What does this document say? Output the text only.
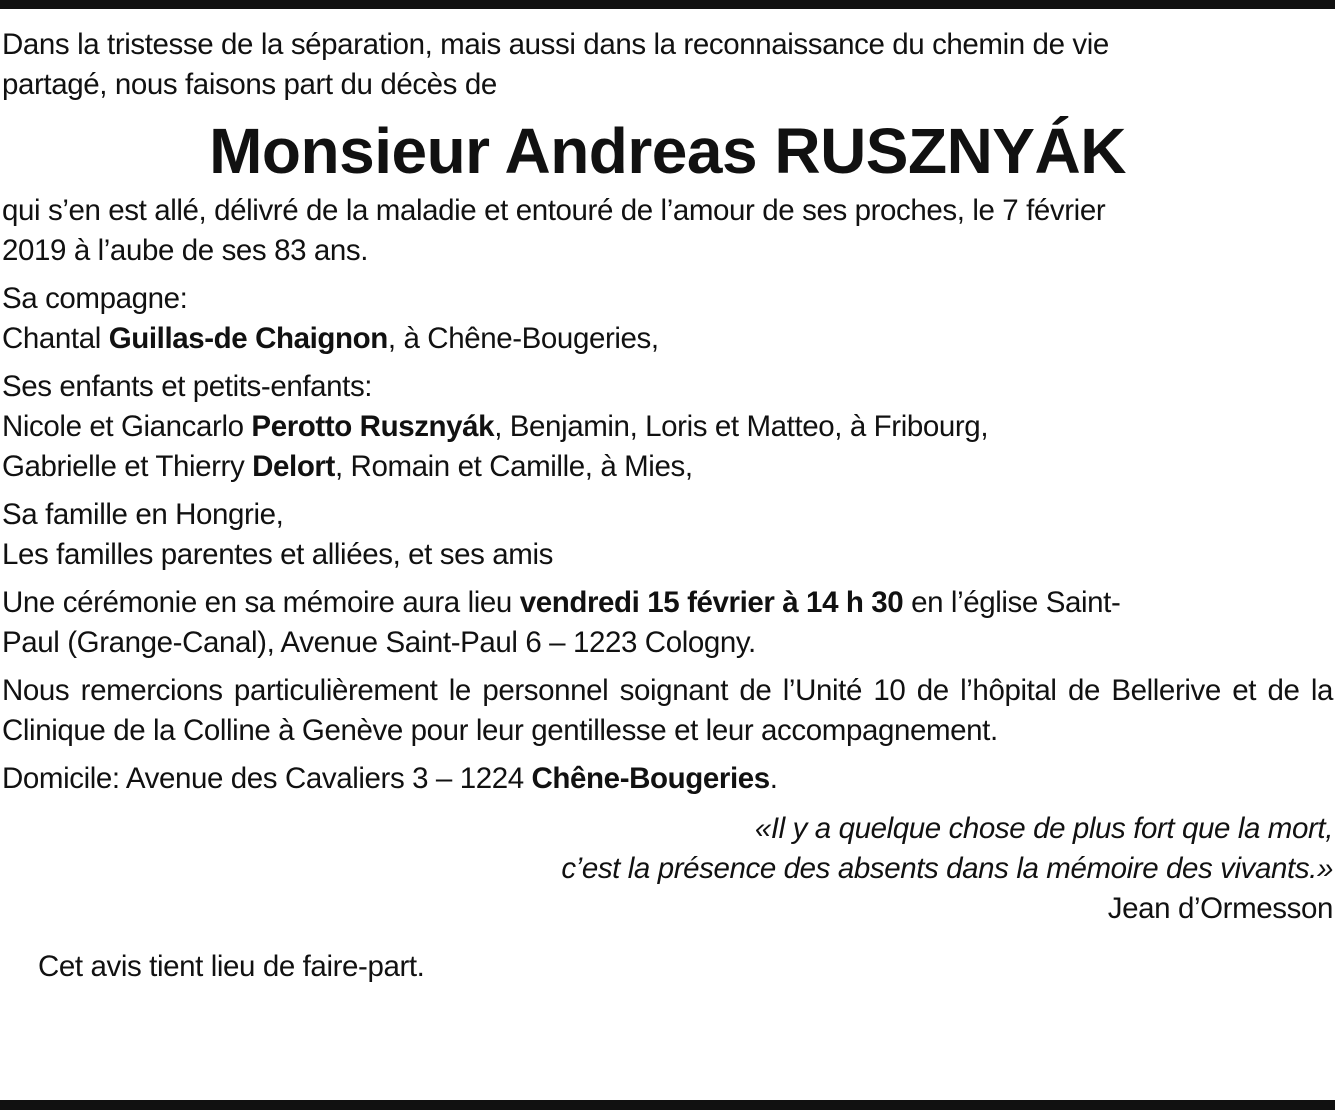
Dans la tristesse de la séparation, mais aussi dans la reconnaissance du chemin de vie
partagé, nous faisons part du décès de

Monsieur Andreas RUSZNYÁK

qui s’en est allé, délivré de la maladie et entouré de l’amour de ses proches, le 7 février
2019 à l’aube de ses 83 ans.

Sa compagne:
Chantal Guillas-de Chaignon, à Chêne-Bougeries,

Ses enfants et petits-enfants:
Nicole et Giancarlo Perotto Rusznyák, Benjamin, Loris et Matteo, à Fribourg,
Gabrielle et Thierry Delort, Romain et Camille, à Mies,

Sa famille en Hongrie,
Les familles parentes et alliées, et ses amis

Une cérémonie en sa mémoire aura lieu vendredi 15 février à 14 h 30 en l’église Saint-
Paul (Grange-Canal), Avenue Saint-Paul 6 – 1223 Cologny.

Nous remercions particulièrement le personnel soignant de l’Unité 10 de l’hôpital de Bellerive et de la Clinique de la Colline à Genève pour leur gentillesse et leur accompagnement.

Domicile: Avenue des Cavaliers 3 – 1224 Chêne-Bougeries.

«Il y a quelque chose de plus fort que la mort,
c’est la présence des absents dans la mémoire des vivants.»

Jean d’Ormesson

Cet avis tient lieu de faire-part.
